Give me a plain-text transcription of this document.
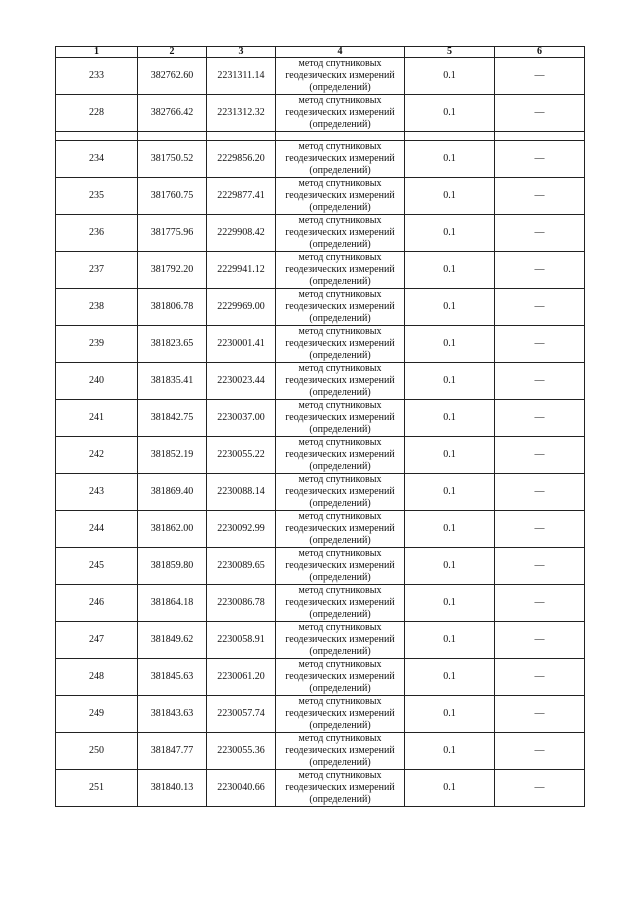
1	2	3	4	5	6
233	382762.60	2231311.14	метод спутниковых геодезических измерений (определений)	0.1	—
228	382766.42	2231312.32	метод спутниковых геодезических измерений (определений)	0.1	—

234	381750.52	2229856.20	метод спутниковых геодезических измерений (определений)	0.1	—
235	381760.75	2229877.41	метод спутниковых геодезических измерений (определений)	0.1	—
236	381775.96	2229908.42	метод спутниковых геодезических измерений (определений)	0.1	—
237	381792.20	2229941.12	метод спутниковых геодезических измерений (определений)	0.1	—
238	381806.78	2229969.00	метод спутниковых геодезических измерений (определений)	0.1	—
239	381823.65	2230001.41	метод спутниковых геодезических измерений (определений)	0.1	—
240	381835.41	2230023.44	метод спутниковых геодезических измерений (определений)	0.1	—
241	381842.75	2230037.00	метод спутниковых геодезических измерений (определений)	0.1	—
242	381852.19	2230055.22	метод спутниковых геодезических измерений (определений)	0.1	—
243	381869.40	2230088.14	метод спутниковых геодезических измерений (определений)	0.1	—
244	381862.00	2230092.99	метод спутниковых геодезических измерений (определений)	0.1	—
245	381859.80	2230089.65	метод спутниковых геодезических измерений (определений)	0.1	—
246	381864.18	2230086.78	метод спутниковых геодезических измерений (определений)	0.1	—
247	381849.62	2230058.91	метод спутниковых геодезических измерений (определений)	0.1	—
248	381845.63	2230061.20	метод спутниковых геодезических измерений (определений)	0.1	—
249	381843.63	2230057.74	метод спутниковых геодезических измерений (определений)	0.1	—
250	381847.77	2230055.36	метод спутниковых геодезических измерений (определений)	0.1	—
251	381840.13	2230040.66	метод спутниковых геодезических измерений (определений)	0.1	—
